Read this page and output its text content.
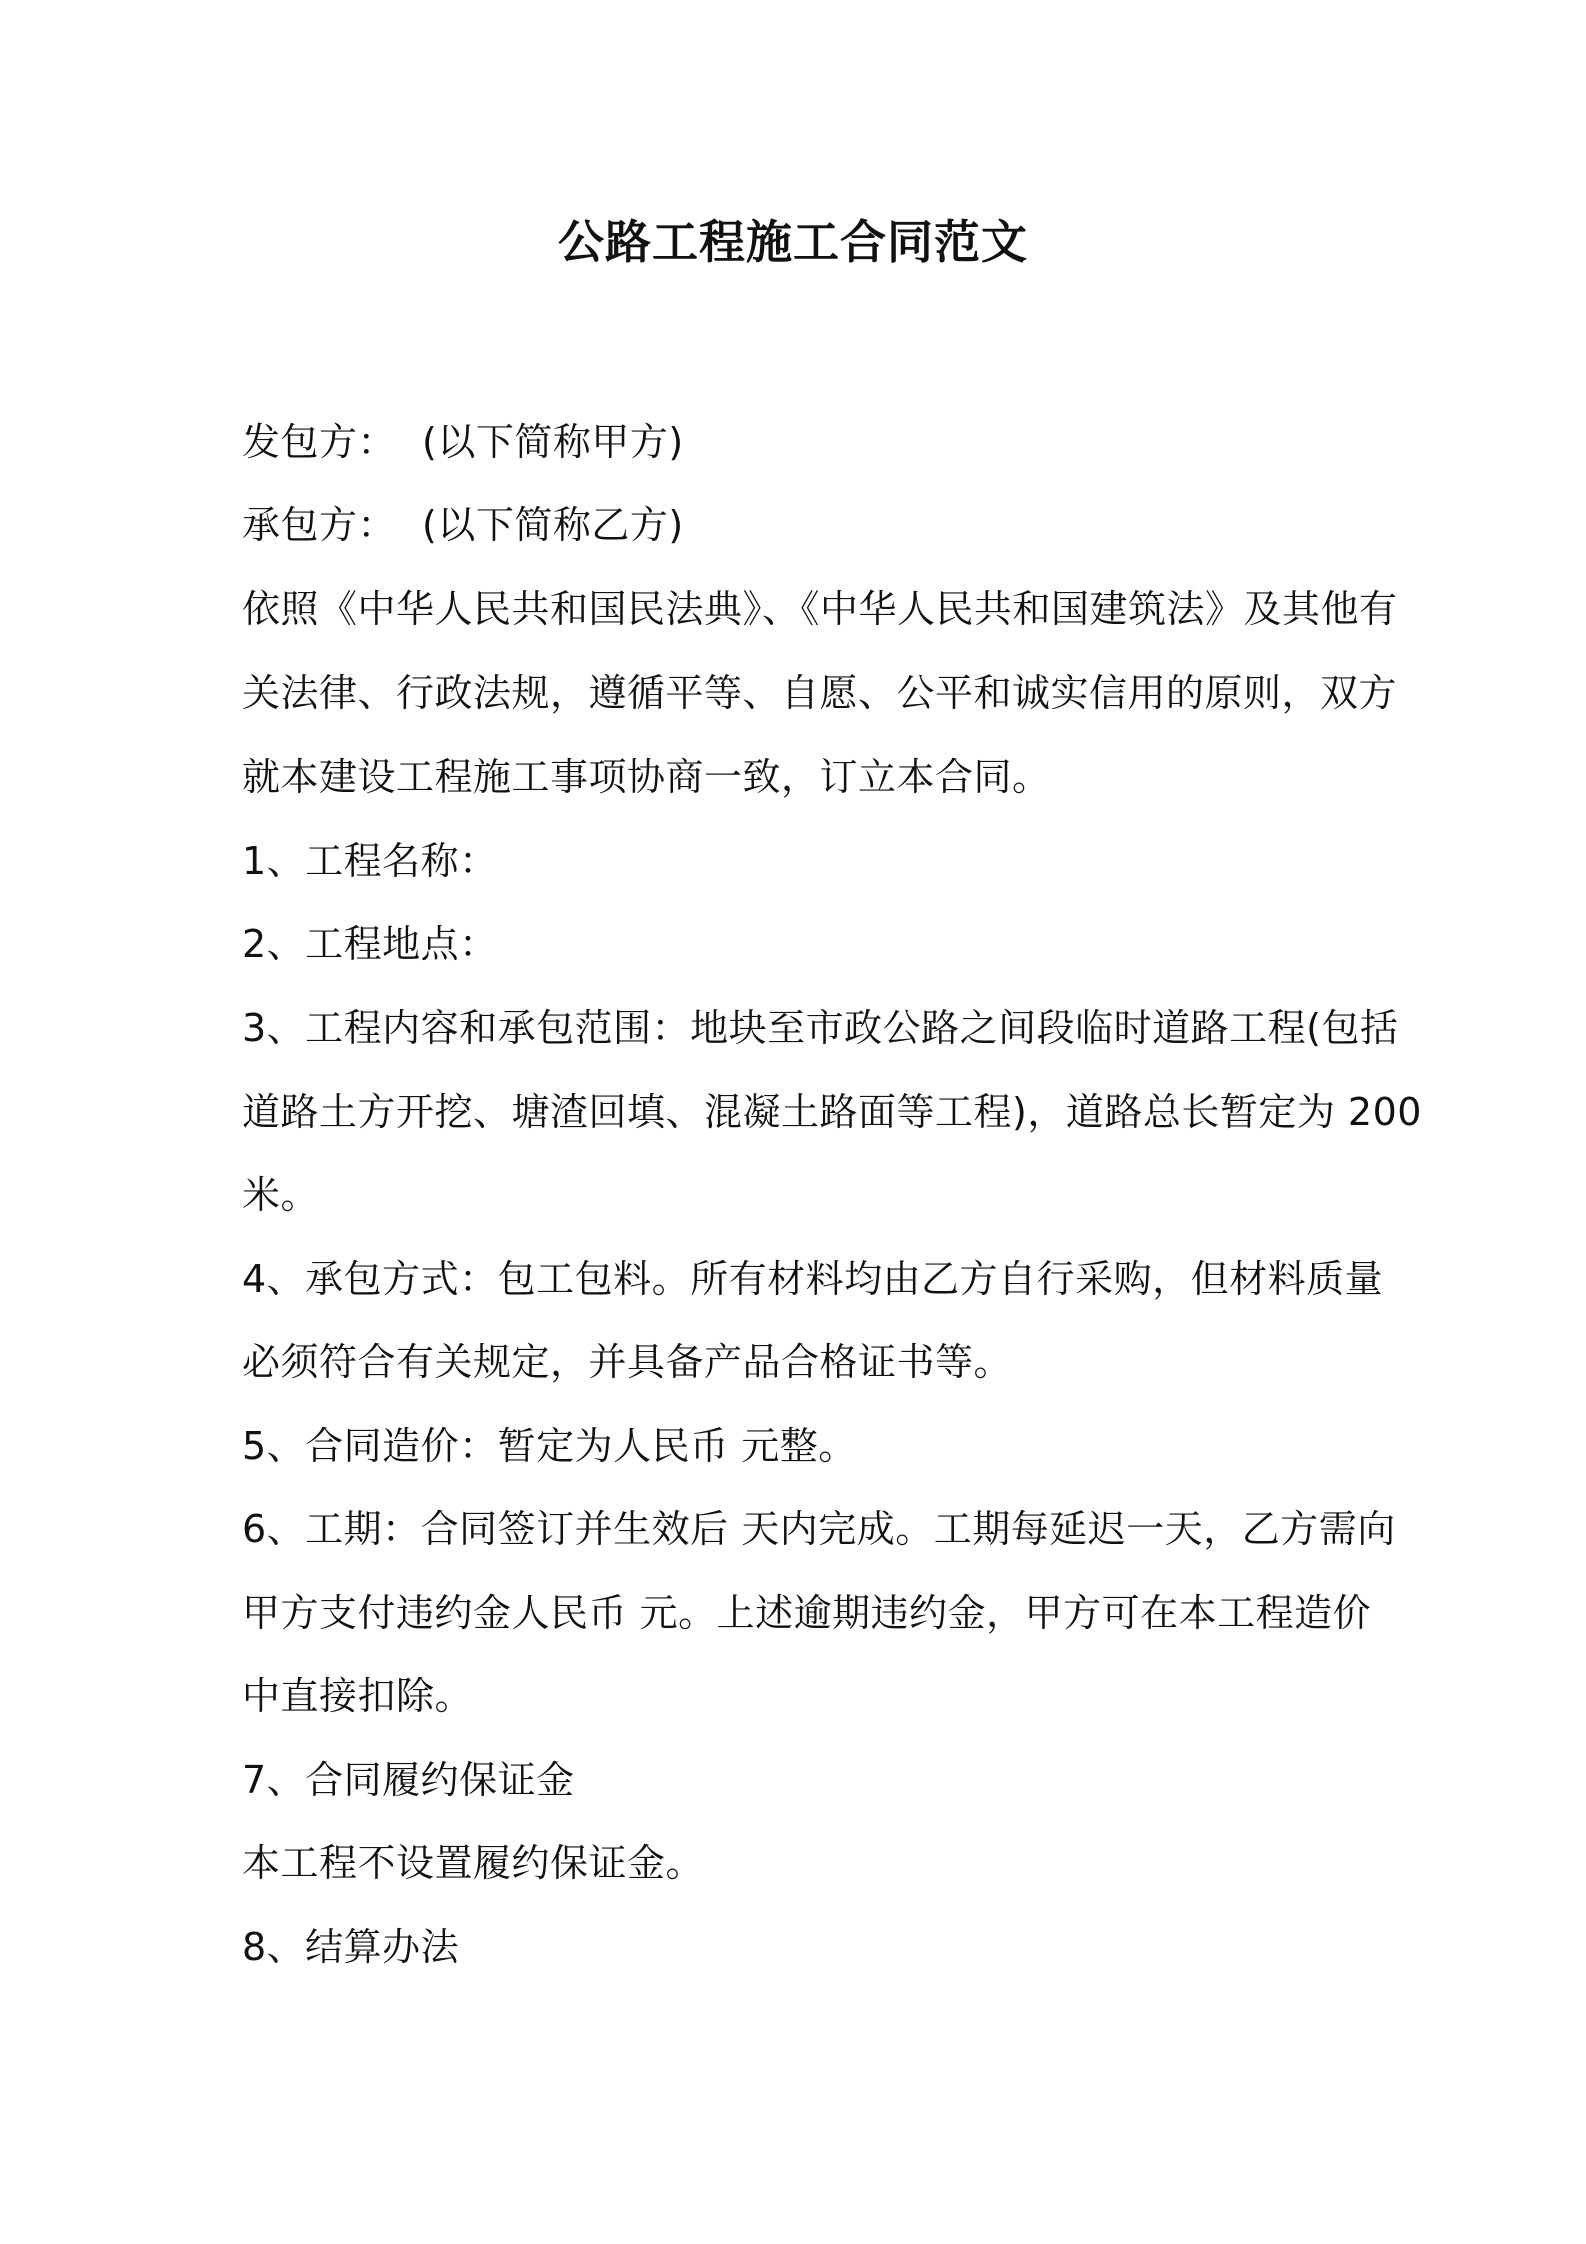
公路工程施工合同范文
发包方： (以下简称甲方)
承包方： (以下简称乙方)
依照《中华人民共和国民法典》、《中华人民共和国建筑法》及其他有
关法律、行政法规，遵循平等、自愿、公平和诚实信用的原则，双方
就本建设工程施工事项协商一致，订立本合同。
1、工程名称：
2、工程地点：
3、工程内容和承包范围：地块至市政公路之间段临时道路工程(包括
道路土方开挖、塘渣回填、混凝土路面等工程)，道路总长暂定为 200
米。
4、承包方式：包工包料。所有材料均由乙方自行采购，但材料质量
必须符合有关规定，并具备产品合格证书等。
5、合同造价：暂定为人民币 元整。
6、工期：合同签订并生效后 天内完成。工期每延迟一天，乙方需向
甲方支付违约金人民币 元。上述逾期违约金，甲方可在本工程造价
中直接扣除。
7、合同履约保证金
本工程不设置履约保证金。
8、结算办法
